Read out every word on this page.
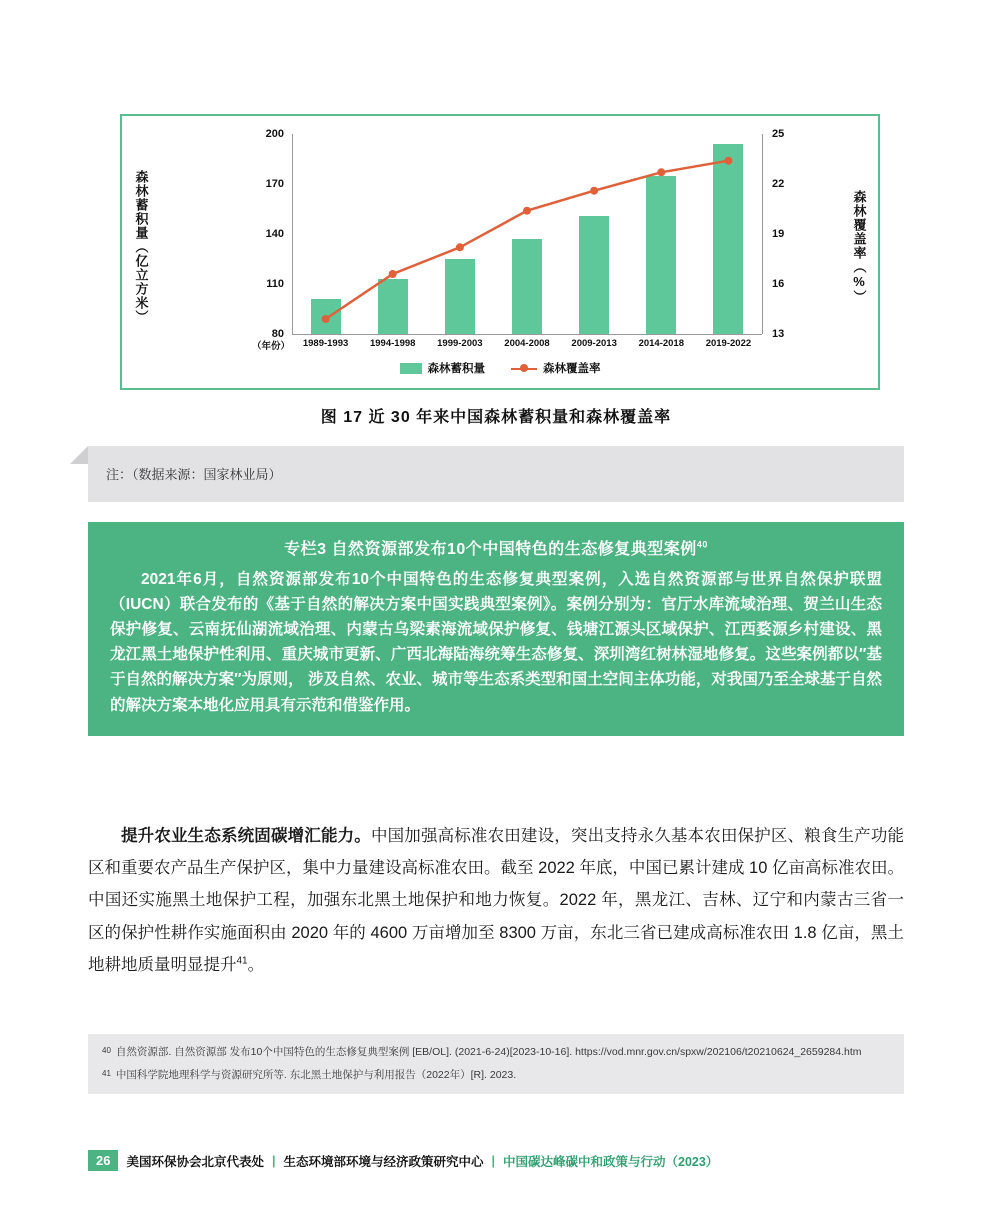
森林蓄积量（亿立方米）	森林覆盖率（%）
80
110
140
170
200
13
16
19
22
25
（年份）	1989-1993	1994-1998	1999-2003	2004-2008	2009-2013	2014-2018	2019-2022
森林蓄积量	森林覆盖率
图 17 近 30 年来中国森林蓄积量和森林覆盖率
注：（数据来源：国家林业局）
专栏3 自然资源部发布10个中国特色的生态修复典型案例$^{40}$
2021年6月，自然资源部发布10个中国特色的生态修复典型案例，入选自然资源部与世界自然保护联盟（IUCN）联合发布的《基于自然的解决方案中国实践典型案例》。案例分别为：官厅水库流域治理、贺兰山生态保护修复、云南抚仙湖流域治理、内蒙古乌梁素海流域保护修复、钱塘江源头区域保护、江西婺源乡村建设、黑龙江黑土地保护性利用、重庆城市更新、广西北海陆海统筹生态修复、深圳湾红树林湿地修复。这些案例都以″基于自然的解决方案″为原则， 涉及自然、农业、城市等生态系类型和国土空间主体功能，对我国乃至全球基于自然的解决方案本地化应用具有示范和借鉴作用。
提升农业生态系统固碳增汇能力。中国加强高标准农田建设，突出支持永久基本农田保护区、粮食生产功能区和重要农产品生产保护区，集中力量建设高标准农田。截至 2022 年底，中国已累计建成 10 亿亩高标准农田。中国还实施黑土地保护工程，加强东北黑土地保护和地力恢复。2022 年，黑龙江、吉林、辽宁和内蒙古三省一区的保护性耕作实施面积由 2020 年的 4600 万亩增加至 8300 万亩，东北三省已建成高标准农田 1.8 亿亩，黑土地耕地质量明显提升$^{41}$。
40 自然资源部. 自然资源部 发布10个中国特色的生态修复典型案例 [EB/OL]. (2021-6-24)[2023-10-16]. https://vod.mnr.gov.cn/spxw/202106/t20210624_2659284.htm
41 中国科学院地理科学与资源研究所等. 东北黑土地保护与利用报告（2022年）[R]. 2023.
26	美国环保协会北京代表处 | 生态环境部环境与经济政策研究中心 | 中国碳达峰碳中和政策与行动（2023）
